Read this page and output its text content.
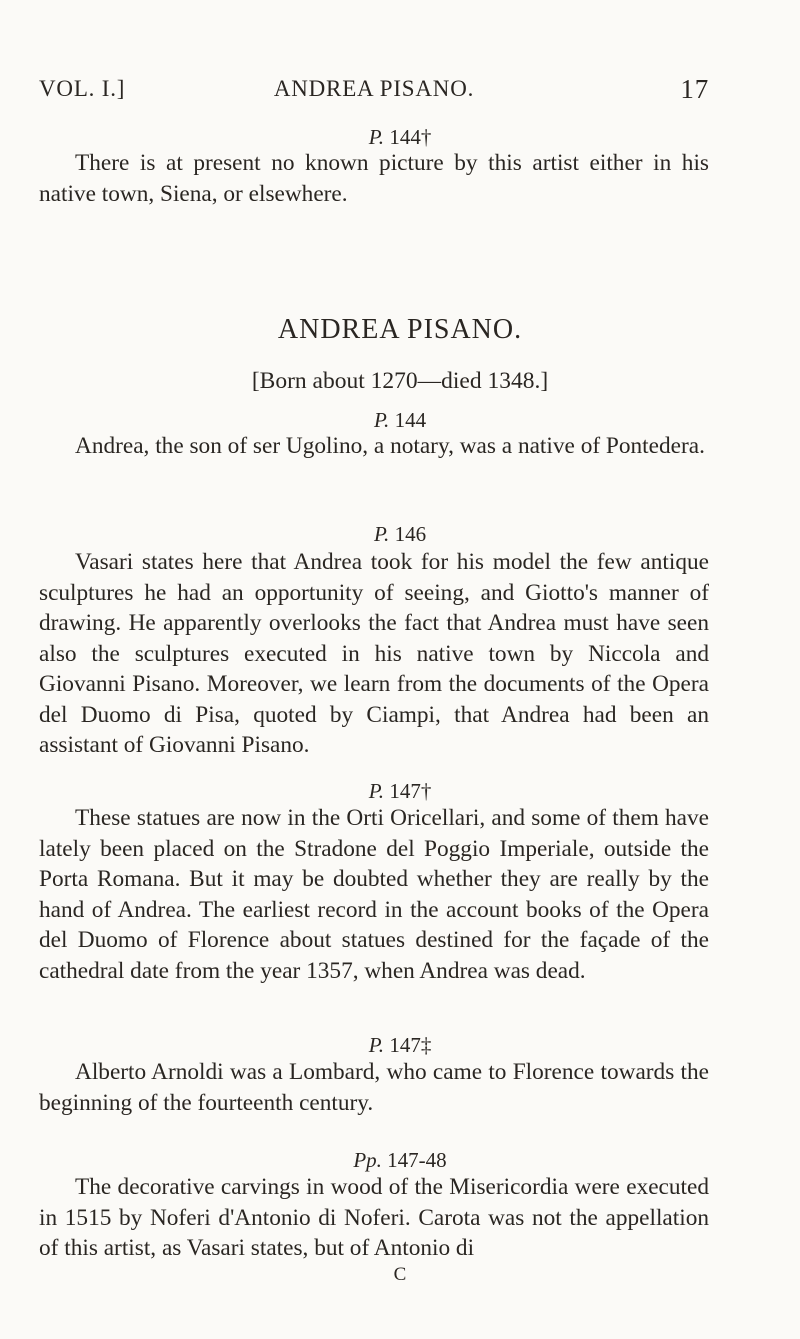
VOL. I.]	ANDREA PISANO.	17
P. 144†
There is at present no known picture by this artist either in his native town, Siena, or elsewhere.
ANDREA PISANO.
[Born about 1270—died 1348.]
P. 144
Andrea, the son of ser Ugolino, a notary, was a native of Pontedera.
P. 146
Vasari states here that Andrea took for his model the few antique sculptures he had an opportunity of seeing, and Giotto's manner of drawing. He apparently overlooks the fact that Andrea must have seen also the sculptures executed in his native town by Niccola and Giovanni Pisano. Moreover, we learn from the documents of the Opera del Duomo di Pisa, quoted by Ciampi, that Andrea had been an assistant of Giovanni Pisano.
P. 147†
These statues are now in the Orti Oricellari, and some of them have lately been placed on the Stradone del Poggio Imperiale, outside the Porta Romana. But it may be doubted whether they are really by the hand of Andrea. The earliest record in the account books of the Opera del Duomo of Florence about statues destined for the façade of the cathedral date from the year 1357, when Andrea was dead.
P. 147‡
Alberto Arnoldi was a Lombard, who came to Florence towards the beginning of the fourteenth century.
Pp. 147-48
The decorative carvings in wood of the Misericordia were executed in 1515 by Noferi d'Antonio di Noferi. Carota was not the appellation of this artist, as Vasari states, but of Antonio di
C
